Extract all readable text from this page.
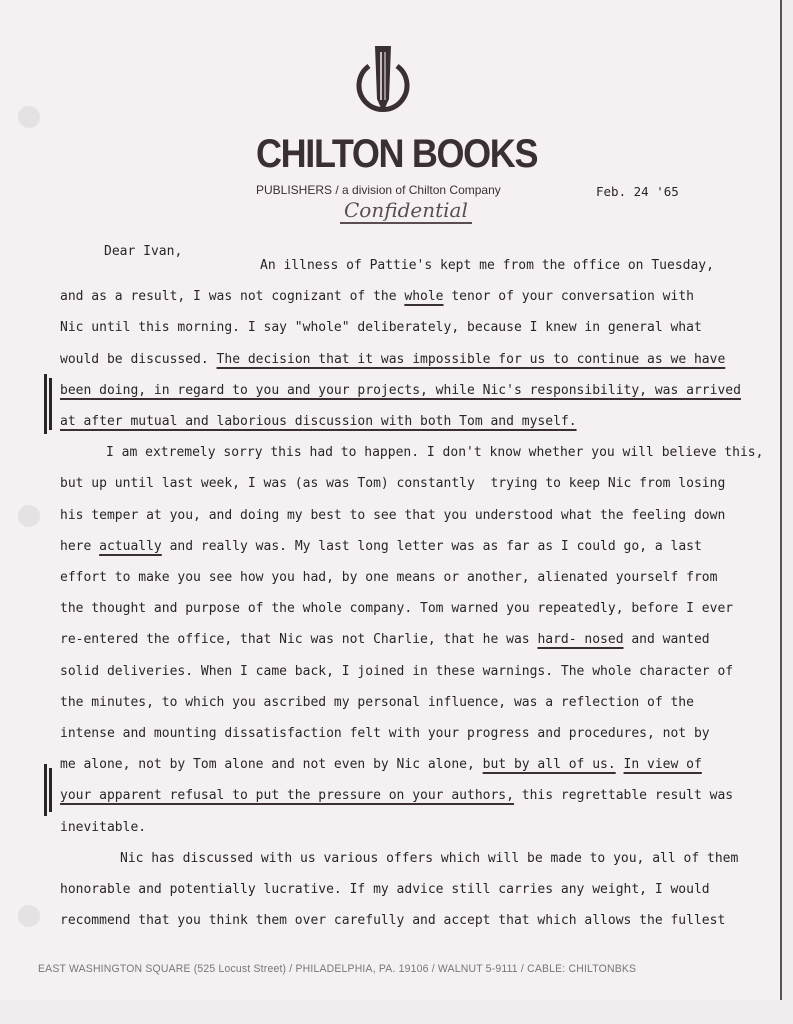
CHILTON BOOKS
PUBLISHERS / a division of Chilton Company	Feb. 24 '65
Confidential
Dear Ivan,
An illness of Pattie's kept me from the office on Tuesday,
and as a result, I was not cognizant of the whole tenor of your conversation with
Nic until this morning. I say "whole" deliberately, because I knew in general what
would be discussed. The decision that it was impossible for us to continue as we have
been doing, in regard to you and your projects, while Nic's responsibility, was arrived
at after mutual and laborious discussion with both Tom and myself.
I am extremely sorry this had to happen. I don't know whether you will believe this,
but up until last week, I was (as was Tom) constantly  trying to keep Nic from losing
his temper at you, and doing my best to see that you understood what the feeling down
here actually and really was. My last long letter was as far as I could go, a last
effort to make you see how you had, by one means or another, alienated yourself from
the thought and purpose of the whole company. Tom warned you repeatedly, before I ever
re-entered the office, that Nic was not Charlie, that he was hard- nosed and wanted
solid deliveries. When I came back, I joined in these warnings. The whole character of
the minutes, to which you ascribed my personal influence, was a reflection of the
intense and mounting dissatisfaction felt with your progress and procedures, not by
me alone, not by Tom alone and not even by Nic alone, but by all of us. In view of
your apparent refusal to put the pressure on your authors, this regrettable result was
inevitable.
Nic has discussed with us various offers which will be made to you, all of them
honorable and potentially lucrative. If my advice still carries any weight, I would
recommend that you think them over carefully and accept that which allows the fullest
EAST WASHINGTON SQUARE (525 Locust Street) / PHILADELPHIA, PA. 19106 / WALNUT 5-9111 / CABLE: CHILTONBKS
